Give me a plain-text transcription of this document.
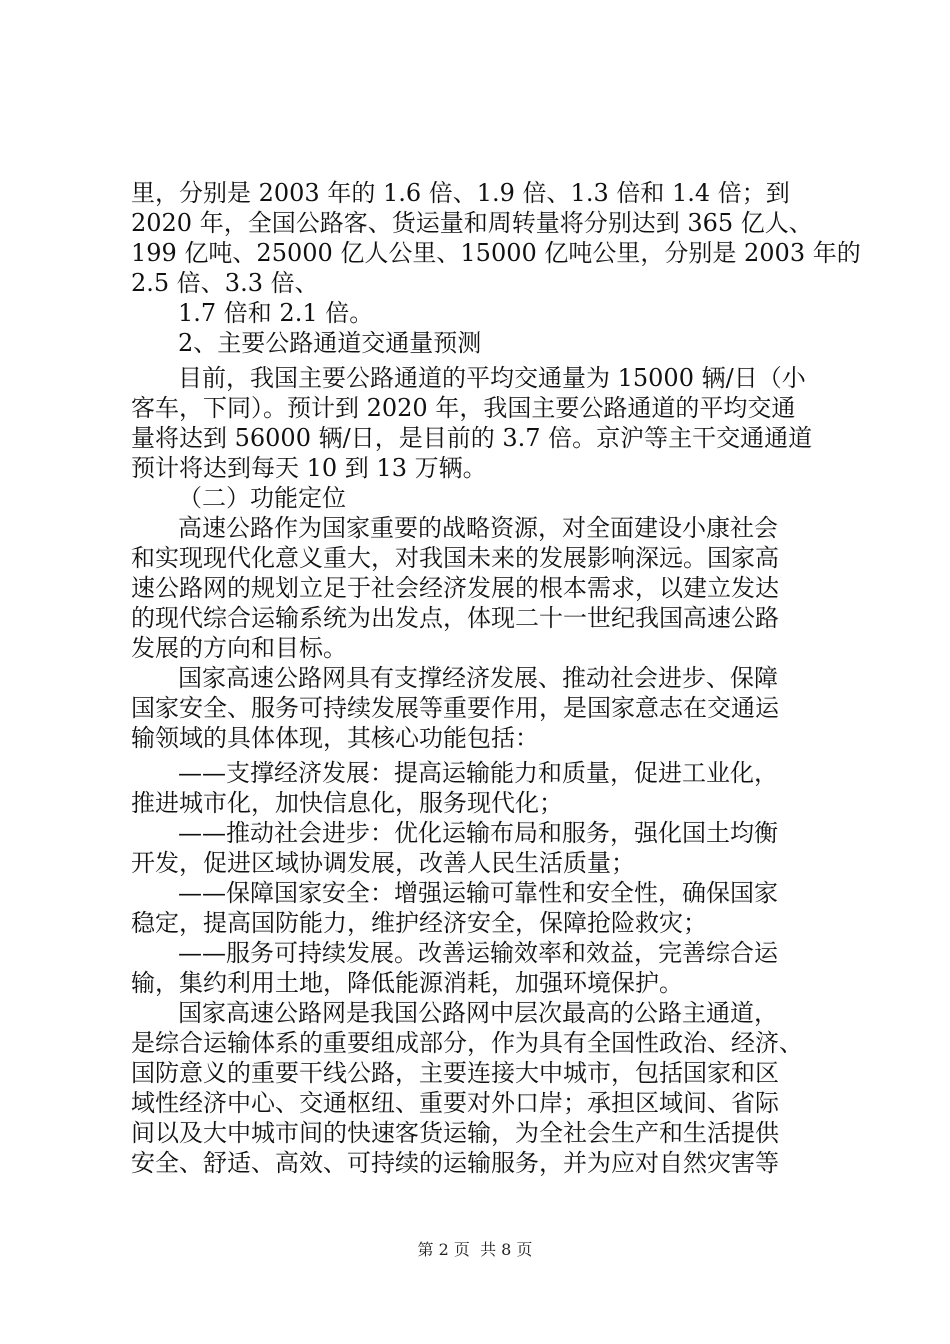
里，分别是 2003 年的 1.6 倍、1.9 倍、1.3 倍和 1.4 倍；到
2020 年，全国公路客、货运量和周转量将分别达到 365 亿人、
199 亿吨、25000 亿人公里、15000 亿吨公里，分别是 2003 年的
2.5 倍、3.3 倍、
1.7 倍和 2.1 倍。
2、主要公路通道交通量预测
目前，我国主要公路通道的平均交通量为 15000 辆/日（小
客车，下同）。预计到 2020 年，我国主要公路通道的平均交通
量将达到 56000 辆/日，是目前的 3.7 倍。京沪等主干交通通道
预计将达到每天 10 到 13 万辆。
（二）功能定位
高速公路作为国家重要的战略资源，对全面建设小康社会
和实现现代化意义重大，对我国未来的发展影响深远。国家高
速公路网的规划立足于社会经济发展的根本需求，以建立发达
的现代综合运输系统为出发点，体现二十一世纪我国高速公路
发展的方向和目标。
国家高速公路网具有支撑经济发展、推动社会进步、保障
国家安全、服务可持续发展等重要作用，是国家意志在交通运
输领域的具体体现，其核心功能包括：
——支撑经济发展：提高运输能力和质量，促进工业化，
推进城市化，加快信息化，服务现代化；
——推动社会进步：优化运输布局和服务，强化国土均衡
开发，促进区域协调发展，改善人民生活质量；
——保障国家安全：增强运输可靠性和安全性，确保国家
稳定，提高国防能力，维护经济安全，保障抢险救灾；
——服务可持续发展。改善运输效率和效益，完善综合运
输，集约利用土地，降低能源消耗，加强环境保护。
国家高速公路网是我国公路网中层次最高的公路主通道，
是综合运输体系的重要组成部分，作为具有全国性政治、经济、
国防意义的重要干线公路，主要连接大中城市，包括国家和区
域性经济中心、交通枢纽、重要对外口岸；承担区域间、省际
间以及大中城市间的快速客货运输，为全社会生产和生活提供
安全、舒适、高效、可持续的运输服务，并为应对自然灾害等
第 2 页  共 8 页
